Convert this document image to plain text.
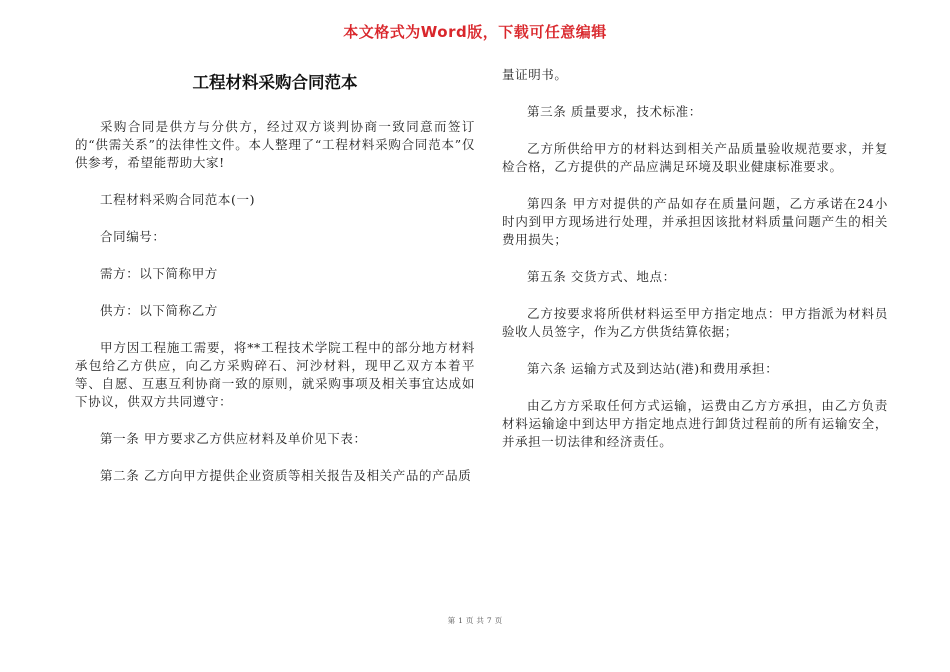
本文格式为Word版，下载可任意编辑
工程材料采购合同范本

采购合同是供方与分供方，经过双方谈判协商一致同意而签订的“供需关系”的法律性文件。本人整理了“工程材料采购合同范本”仅供参考，希望能帮助大家!

工程材料采购合同范本(一)

合同编号：

需方：以下简称甲方

供方：以下简称乙方

甲方因工程施工需要，将**工程技术学院工程中的部分地方材料承包给乙方供应，向乙方采购碎石、河沙材料，现甲乙双方本着平等、自愿、互惠互利协商一致的原则，就采购事项及相关事宜达成如下协议，供双方共同遵守：

第一条 甲方要求乙方供应材料及单价见下表：

第二条 乙方向甲方提供企业资质等相关报告及相关产品的产品质

量证明书。

第三条 质量要求，技术标准：

乙方所供给甲方的材料达到相关产品质量验收规范要求，并复检合格，乙方提供的产品应满足环境及职业健康标准要求。

第四条 甲方对提供的产品如存在质量问题，乙方承诺在24小时内到甲方现场进行处理，并承担因该批材料质量问题产生的相关费用损失；

第五条 交货方式、地点：

乙方按要求将所供材料运至甲方指定地点：甲方指派为材料员验收人员签字，作为乙方供货结算依据；

第六条 运输方式及到达站(港)和费用承担：

由乙方方采取任何方式运输，运费由乙方方承担，由乙方负责材料运输途中到达甲方指定地点进行卸货过程前的所有运输安全，并承担一切法律和经济责任。

第 1 页 共 7 页
